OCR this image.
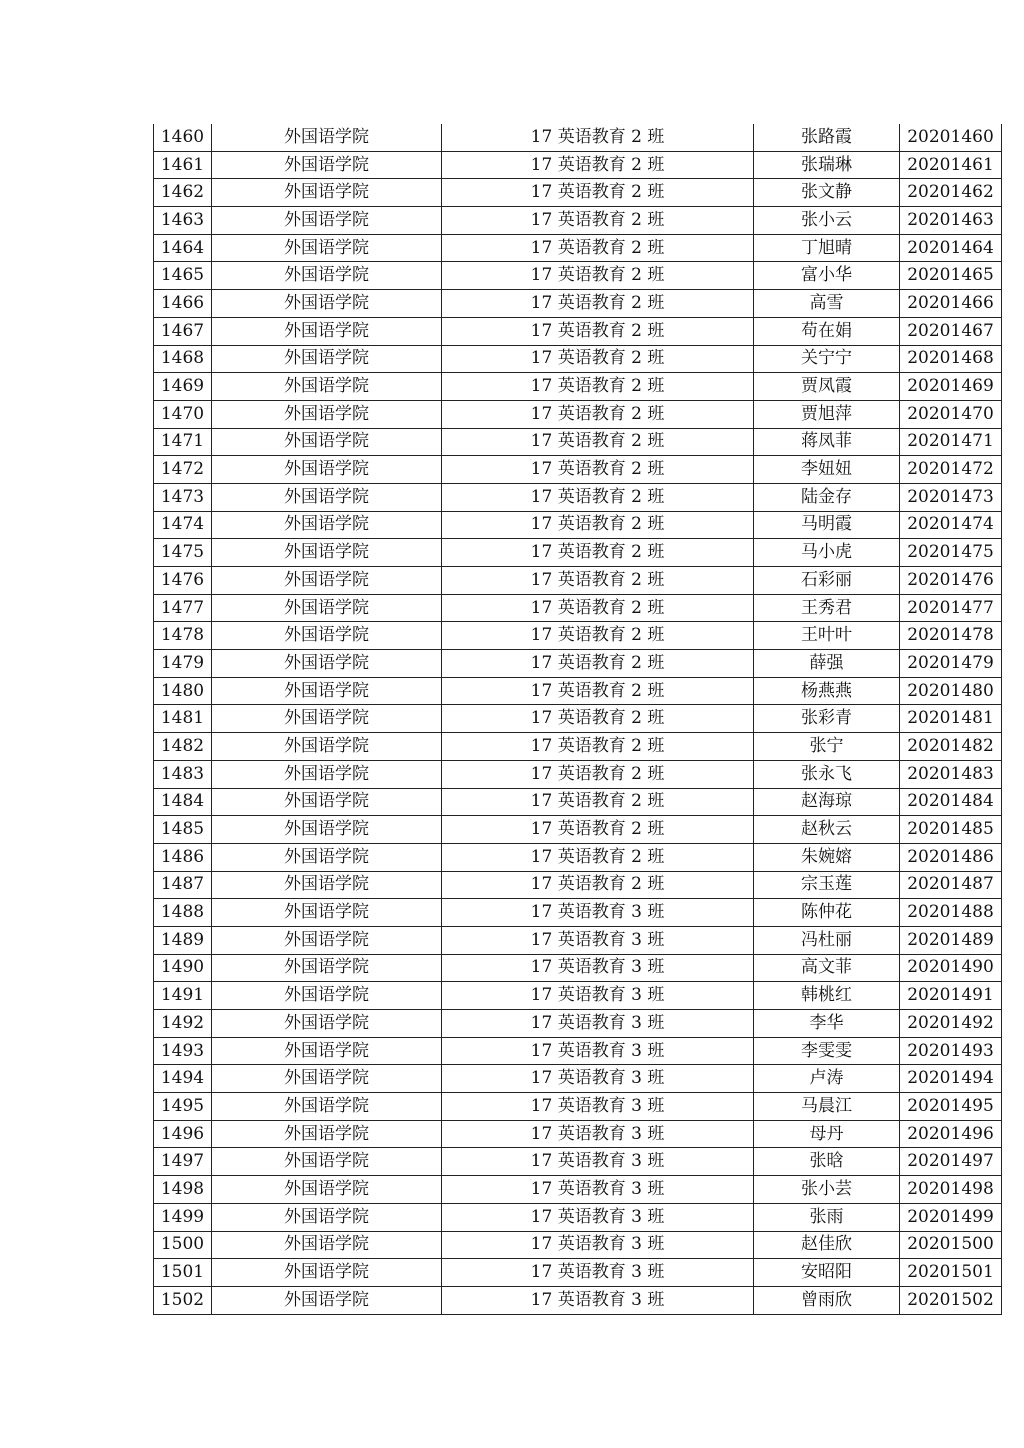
1460	外国语学院	17 英语教育 2 班	张路霞	20201460
1461	外国语学院	17 英语教育 2 班	张瑞琳	20201461
1462	外国语学院	17 英语教育 2 班	张文静	20201462
1463	外国语学院	17 英语教育 2 班	张小云	20201463
1464	外国语学院	17 英语教育 2 班	丁旭晴	20201464
1465	外国语学院	17 英语教育 2 班	富小华	20201465
1466	外国语学院	17 英语教育 2 班	高雪	20201466
1467	外国语学院	17 英语教育 2 班	苟在娟	20201467
1468	外国语学院	17 英语教育 2 班	关宁宁	20201468
1469	外国语学院	17 英语教育 2 班	贾凤霞	20201469
1470	外国语学院	17 英语教育 2 班	贾旭萍	20201470
1471	外国语学院	17 英语教育 2 班	蒋凤菲	20201471
1472	外国语学院	17 英语教育 2 班	李妞妞	20201472
1473	外国语学院	17 英语教育 2 班	陆金存	20201473
1474	外国语学院	17 英语教育 2 班	马明霞	20201474
1475	外国语学院	17 英语教育 2 班	马小虎	20201475
1476	外国语学院	17 英语教育 2 班	石彩丽	20201476
1477	外国语学院	17 英语教育 2 班	王秀君	20201477
1478	外国语学院	17 英语教育 2 班	王叶叶	20201478
1479	外国语学院	17 英语教育 2 班	薛强	20201479
1480	外国语学院	17 英语教育 2 班	杨燕燕	20201480
1481	外国语学院	17 英语教育 2 班	张彩青	20201481
1482	外国语学院	17 英语教育 2 班	张宁	20201482
1483	外国语学院	17 英语教育 2 班	张永飞	20201483
1484	外国语学院	17 英语教育 2 班	赵海琼	20201484
1485	外国语学院	17 英语教育 2 班	赵秋云	20201485
1486	外国语学院	17 英语教育 2 班	朱婉嫆	20201486
1487	外国语学院	17 英语教育 2 班	宗玉莲	20201487
1488	外国语学院	17 英语教育 3 班	陈仲花	20201488
1489	外国语学院	17 英语教育 3 班	冯杜丽	20201489
1490	外国语学院	17 英语教育 3 班	高文菲	20201490
1491	外国语学院	17 英语教育 3 班	韩桃红	20201491
1492	外国语学院	17 英语教育 3 班	李华	20201492
1493	外国语学院	17 英语教育 3 班	李雯雯	20201493
1494	外国语学院	17 英语教育 3 班	卢涛	20201494
1495	外国语学院	17 英语教育 3 班	马晨江	20201495
1496	外国语学院	17 英语教育 3 班	母丹	20201496
1497	外国语学院	17 英语教育 3 班	张晗	20201497
1498	外国语学院	17 英语教育 3 班	张小芸	20201498
1499	外国语学院	17 英语教育 3 班	张雨	20201499
1500	外国语学院	17 英语教育 3 班	赵佳欣	20201500
1501	外国语学院	17 英语教育 3 班	安昭阳	20201501
1502	外国语学院	17 英语教育 3 班	曾雨欣	20201502
